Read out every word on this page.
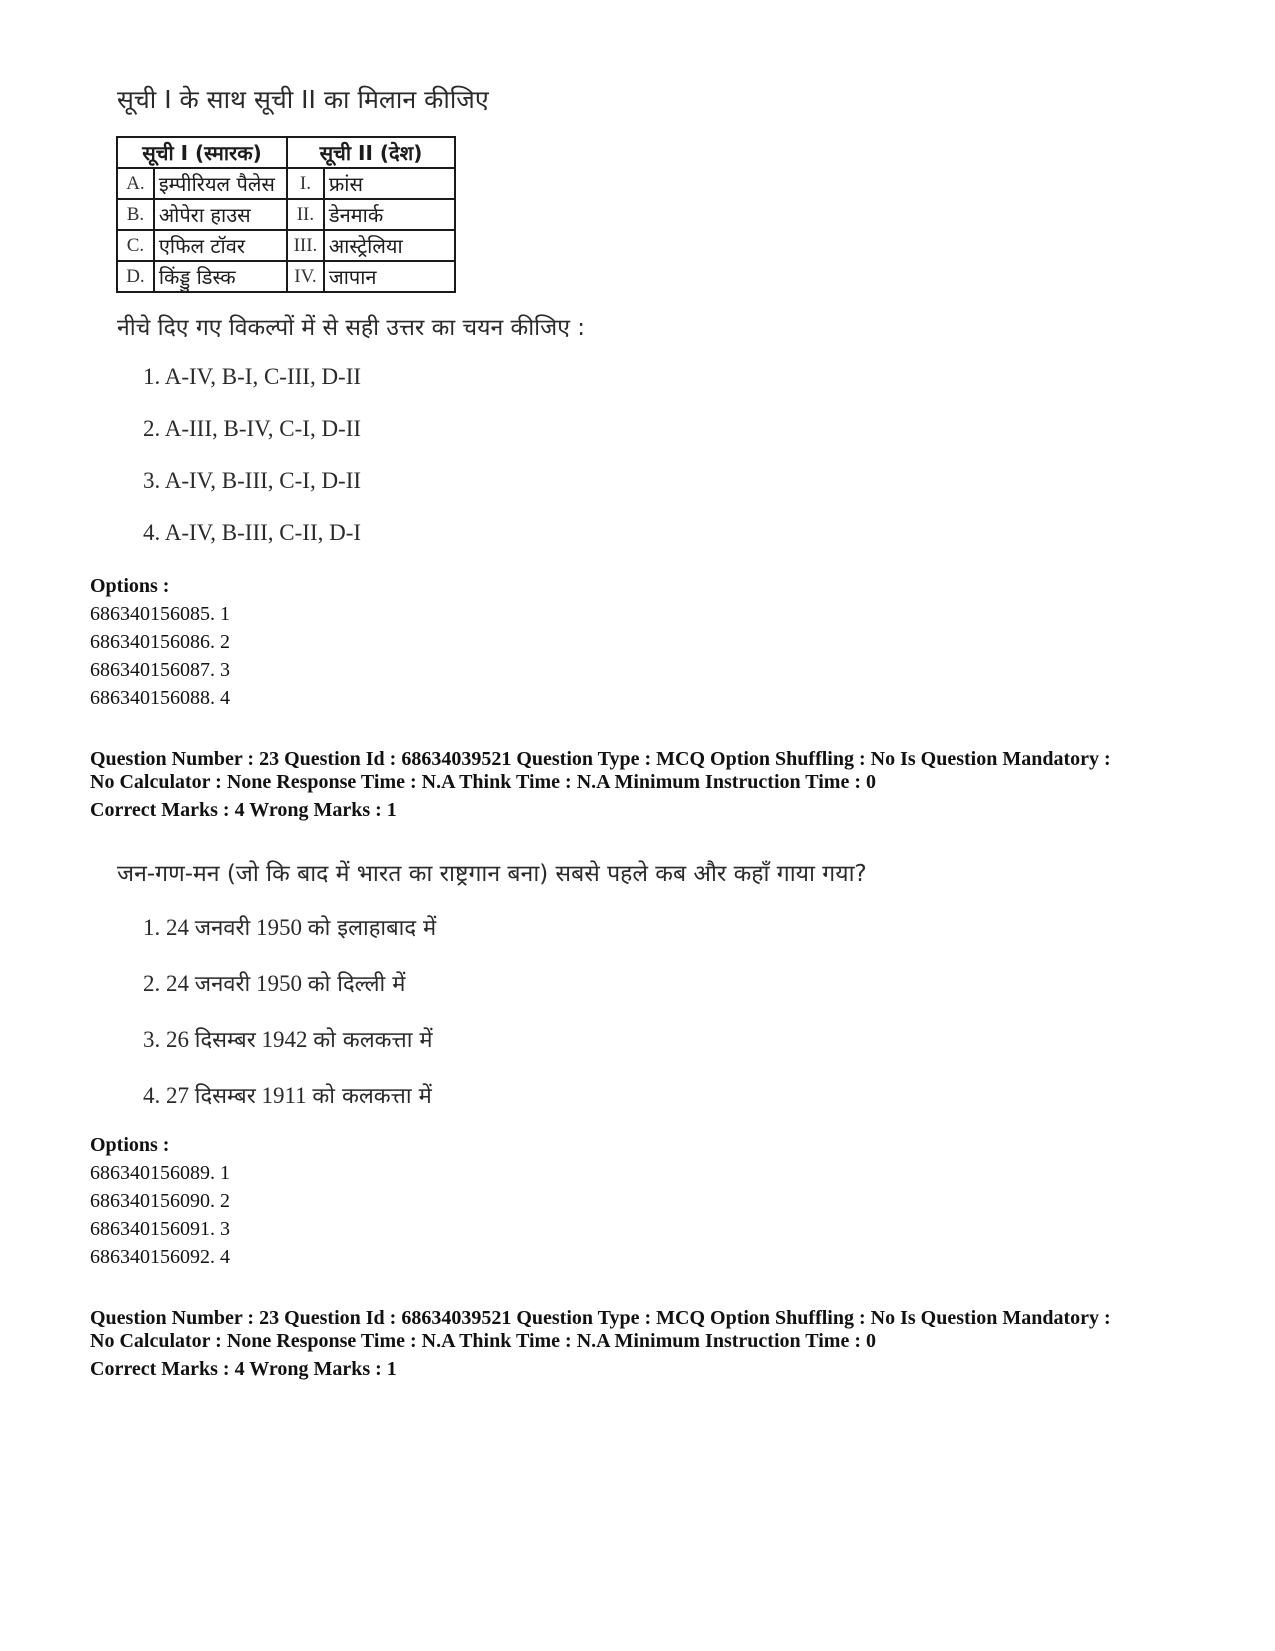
सूची I के साथ सूची II का मिलान कीजिए
सूची I (स्मारक)		सूची II (देश)	
A.	इम्पीरियल पैलेस	I.	फ्रांस
B.	ओपेरा हाउस	II.	डेनमार्क
C.	एफिल टॉवर	III.	आस्ट्रेलिया
D.	किंड्डु डिस्क	IV.	जापान
नीचे दिए गए विकल्पों में से सही उत्तर का चयन कीजिए :
1. A-IV, B-I, C-III, D-II
2. A-III, B-IV, C-I, D-II
3. A-IV, B-III, C-I, D-II
4. A-IV, B-III, C-II, D-I
Options :
686340156085. 1
686340156086. 2
686340156087. 3
686340156088. 4
Question Number : 23 Question Id : 68634039521 Question Type : MCQ Option Shuffling : No Is Question Mandatory :
No Calculator : None Response Time : N.A Think Time : N.A Minimum Instruction Time : 0
Correct Marks : 4 Wrong Marks : 1
जन-गण-मन (जो कि बाद में भारत का राष्ट्रगान बना) सबसे पहले कब और कहाँ गाया गया?
1. 24 जनवरी 1950 को इलाहाबाद में
2. 24 जनवरी 1950 को दिल्ली में
3. 26 दिसम्बर 1942 को कलकत्ता में
4. 27 दिसम्बर 1911 को कलकत्ता में
Options :
686340156089. 1
686340156090. 2
686340156091. 3
686340156092. 4
Question Number : 23 Question Id : 68634039521 Question Type : MCQ Option Shuffling : No Is Question Mandatory :
No Calculator : None Response Time : N.A Think Time : N.A Minimum Instruction Time : 0
Correct Marks : 4 Wrong Marks : 1
